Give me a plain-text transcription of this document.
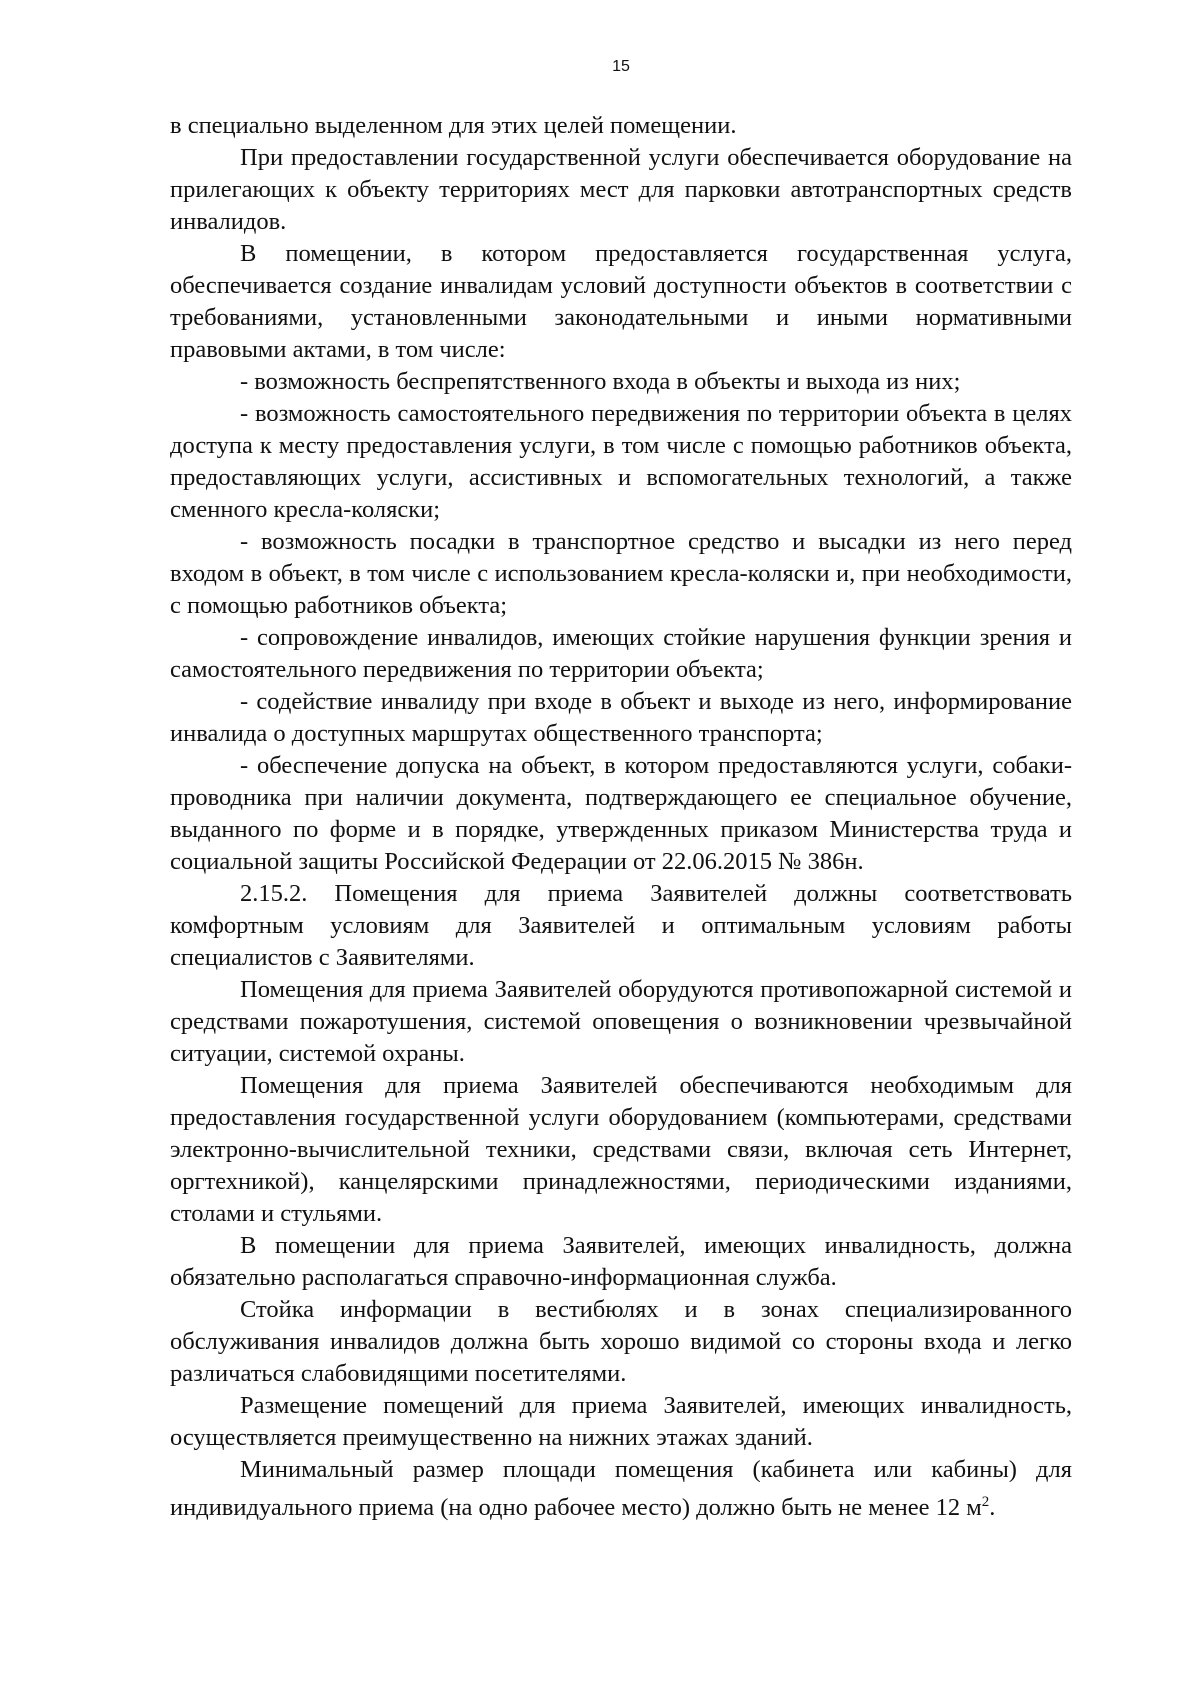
15

в специально выделенном для этих целей помещении.

При предоставлении государственной услуги обеспечивается оборудование на прилегающих к объекту территориях мест для парковки автотранспортных средств инвалидов.

В помещении, в котором предоставляется государственная услуга, обеспечивается создание инвалидам условий доступности объектов в соответствии с требованиями, установленными законодательными и иными нормативными правовыми актами, в том числе:

- возможность беспрепятственного входа в объекты и выхода из них;

- возможность самостоятельного передвижения по территории объекта в целях доступа к месту предоставления услуги, в том числе с помощью работников объекта, предоставляющих услуги, ассистивных и вспомогательных технологий, а также сменного кресла-коляски;

- возможность посадки в транспортное средство и высадки из него перед входом в объект, в том числе с использованием кресла-коляски и, при необходимости, с помощью работников объекта;

- сопровождение инвалидов, имеющих стойкие нарушения функции зрения и самостоятельного передвижения по территории объекта;

- содействие инвалиду при входе в объект и выходе из него, информирование инвалида о доступных маршрутах общественного транспорта;

- обеспечение допуска на объект, в котором предоставляются услуги, собаки-проводника при наличии документа, подтверждающего ее специальное обучение, выданного по форме и в порядке, утвержденных приказом Министерства труда и социальной защиты Российской Федерации от 22.06.2015 № 386н.

2.15.2. Помещения для приема Заявителей должны соответствовать комфортным условиям для Заявителей и оптимальным условиям работы специалистов с Заявителями.

Помещения для приема Заявителей оборудуются противопожарной системой и средствами пожаротушения, системой оповещения о возникновении чрезвычайной ситуации, системой охраны.

Помещения для приема Заявителей обеспечиваются необходимым для предоставления государственной услуги оборудованием (компьютерами, средствами электронно-вычислительной техники, средствами связи, включая сеть Интернет, оргтехникой), канцелярскими принадлежностями, периодическими изданиями, столами и стульями.

В помещении для приема Заявителей, имеющих инвалидность, должна обязательно располагаться справочно-информационная служба.

Стойка информации в вестибюлях и в зонах специализированного обслуживания инвалидов должна быть хорошо видимой со стороны входа и легко различаться слабовидящими посетителями.

Размещение помещений для приема Заявителей, имеющих инвалидность, осуществляется преимущественно на нижних этажах зданий.

Минимальный размер площади помещения (кабинета или кабины) для индивидуального приема (на одно рабочее место) должно быть не менее 12 $м^2$.
